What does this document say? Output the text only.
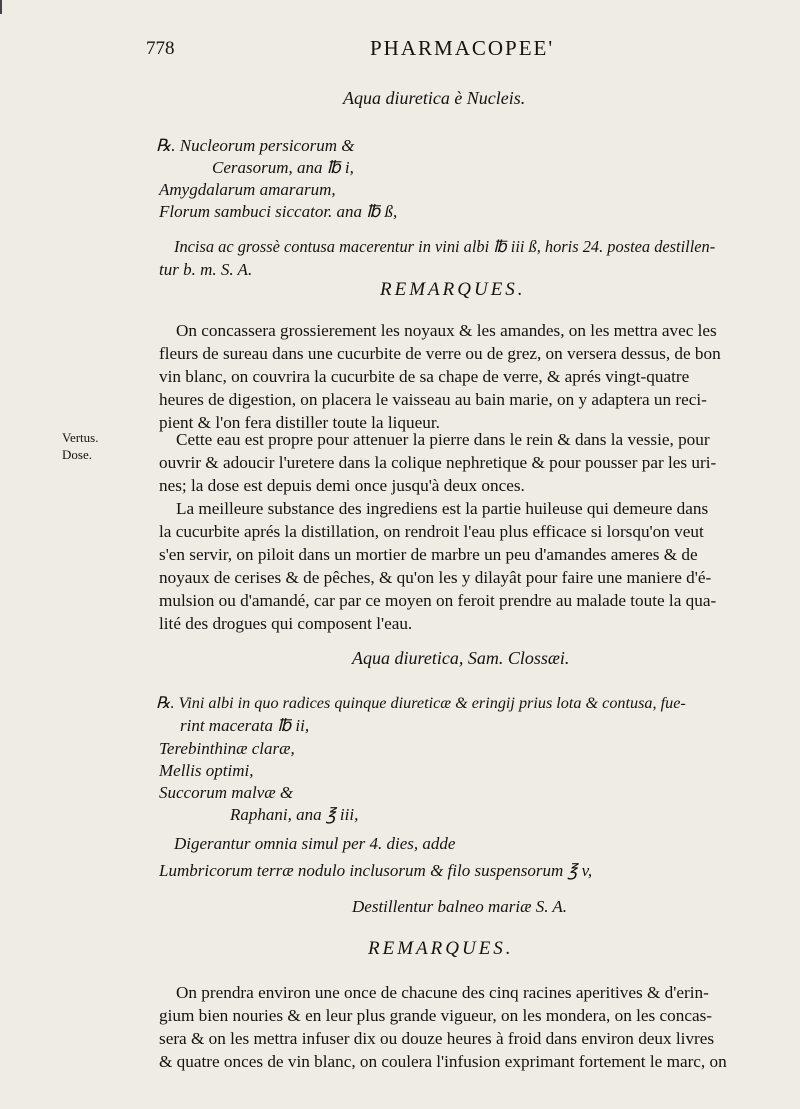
778	PHARMACOPEE'
Aqua diuretica è Nucleis.
℞. Nucleorum persicorum &
Cerasorum, ana ℔ i,
Amygdalarum amararum,
Florum sambuci siccator. ana ℔ ß,
Incisa ac grossè contusa macerentur in vini albi ℔ iii ß, horis 24. postea destillen-
tur b. m. S. A.
REMARQUES.
On concassera grossierement les noyaux & les amandes, on les mettra avec les
fleurs de sureau dans une cucurbite de verre ou de grez, on versera dessus, de bon
vin blanc, on couvrira la cucurbite de sa chape de verre, & aprés vingt-quatre
heures de digestion, on placera le vaisseau au bain marie, on y adaptera un reci-
pient & l'on fera distiller toute la liqueur.
Vertus.
Dose.
Cette eau est propre pour attenuer la pierre dans le rein & dans la vessie, pour
ouvrir & adoucir l'uretere dans la colique nephretique & pour pousser par les uri-
nes; la dose est depuis demi once jusqu'à deux onces.
La meilleure substance des ingrediens est la partie huileuse qui demeure dans
la cucurbite aprés la distillation, on rendroit l'eau plus efficace si lorsqu'on veut
s'en servir, on piloit dans un mortier de marbre un peu d'amandes ameres & de
noyaux de cerises & de pêches, & qu'on les y dilayât pour faire une maniere d'é-
mulsion ou d'amandé, car par ce moyen on feroit prendre au malade toute la qua-
lité des drogues qui composent l'eau.
Aqua diuretica, Sam. Clossæi.
℞. Vini albi in quo radices quinque diureticæ & eringij prius lota & contusa, fue-
rint macerata ℔ ii,
Terebinthinæ claræ,
Mellis optimi,
Succorum malvæ &
Raphani, ana ℥ iii,
Digerantur omnia simul per 4. dies, adde
Lumbricorum terræ nodulo inclusorum & filo suspensorum ℥ v,
Destillentur balneo mariæ S. A.
REMARQUES.
On prendra environ une once de chacune des cinq racines aperitives & d'erin-
gium bien nouries & en leur plus grande vigueur, on les mondera, on les concas-
sera & on les mettra infuser dix ou douze heures à froid dans environ deux livres
& quatre onces de vin blanc, on coulera l'infusion exprimant fortement le marc, on
